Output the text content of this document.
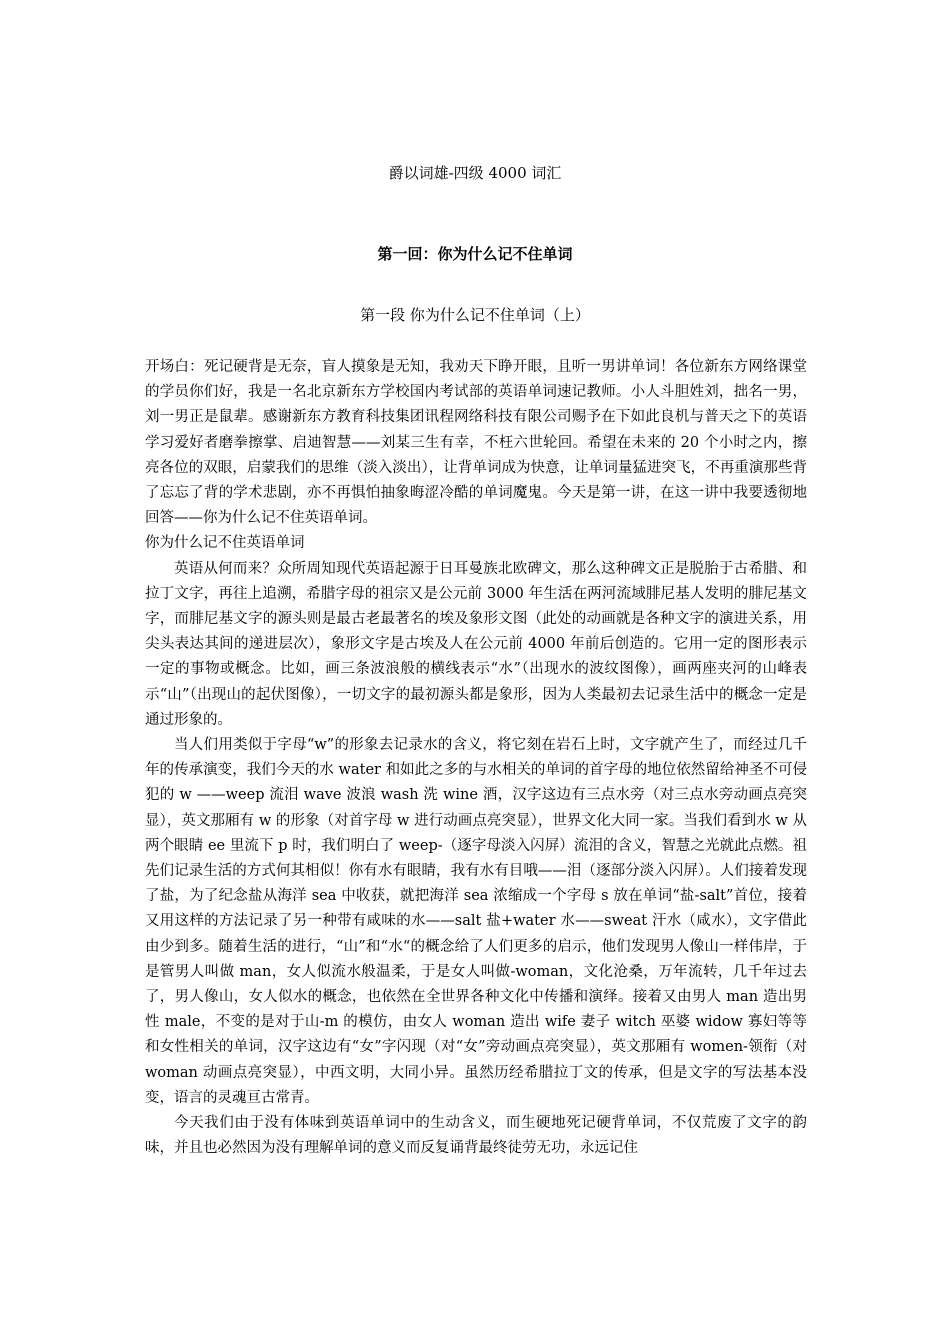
爵以词雄-四级 4000 词汇
第一回：你为什么记不住单词
第一段 你为什么记不住单词（上）

开场白：死记硬背是无奈，盲人摸象是无知，我劝天下睁开眼，且听一男讲单词！各位新东方网络课堂的学员你们好，我是一名北京新东方学校国内考试部的英语单词速记教师。小人斗胆姓刘，拙名一男，刘一男正是鼠辈。感谢新东方教育科技集团讯程网络科技有限公司赐予在下如此良机与普天之下的英语学习爱好者磨拳擦掌、启迪智慧——刘某三生有幸，不枉六世轮回。希望在未来的 20 个小时之内，擦亮各位的双眼，启蒙我们的思维（淡入淡出），让背单词成为快意，让单词量猛进突飞，不再重演那些背了忘忘了背的学术悲剧，亦不再惧怕抽象晦涩冷酷的单词魔鬼。今天是第一讲，在这一讲中我要透彻地回答——你为什么记不住英语单词。

你为什么记不住英语单词

英语从何而来？众所周知现代英语起源于日耳曼族北欧碑文，那么这种碑文正是脱胎于古希腊、和拉丁文字，再往上追溯，希腊字母的祖宗又是公元前 3000 年生活在两河流域腓尼基人发明的腓尼基文字，而腓尼基文字的源头则是最古老最著名的埃及象形文图（此处的动画就是各种文字的演进关系，用尖头表达其间的递进层次），象形文字是古埃及人在公元前 4000 年前后创造的。它用一定的图形表示一定的事物或概念。比如，画三条波浪般的横线表示“水”（出现水的波纹图像），画两座夹河的山峰表示“山”（出现山的起伏图像），一切文字的最初源头都是象形，因为人类最初去记录生活中的概念一定是通过形象的。

当人们用类似于字母“w”的形象去记录水的含义，将它刻在岩石上时，文字就产生了，而经过几千年的传承演变，我们今天的水 water 和如此之多的与水相关的单词的首字母的地位依然留给神圣不可侵犯的 w ——weep 流泪 wave 波浪 wash 洗 wine 酒，汉字这边有三点水旁（对三点水旁动画点亮突显），英文那厢有 w 的形象（对首字母 w 进行动画点亮突显），世界文化大同一家。当我们看到水 w 从两个眼睛 ee 里流下 p 时，我们明白了 weep-（逐字母淡入闪屏）流泪的含义，智慧之光就此点燃。祖先们记录生活的方式何其相似！你有水有眼睛，我有水有目哦——泪（逐部分淡入闪屏）。人们接着发现了盐，为了纪念盐从海洋 sea 中收获，就把海洋 sea 浓缩成一个字母 s 放在单词“盐-salt”首位，接着又用这样的方法记录了另一种带有咸味的水——salt 盐+water 水——sweat 汗水（咸水），文字借此由少到多。随着生活的进行，“山”和“水“的概念给了人们更多的启示，他们发现男人像山一样伟岸，于是管男人叫做 man，女人似流水般温柔，于是女人叫做-woman，文化沧桑，万年流转，几千年过去了，男人像山，女人似水的概念，也依然在全世界各种文化中传播和演绎。接着又由男人 man 造出男性 male，不变的是对于山-m 的模仿，由女人 woman 造出 wife 妻子 witch 巫婆 widow 寡妇等等和女性相关的单词，汉字这边有“女”字闪现（对“女”旁动画点亮突显），英文那厢有 women-领衔（对 woman 动画点亮突显），中西文明，大同小异。虽然历经希腊拉丁文的传承，但是文字的写法基本没变，语言的灵魂亘古常青。

今天我们由于没有体味到英语单词中的生动含义，而生硬地死记硬背单词，不仅荒废了文字的韵味，并且也必然因为没有理解单词的意义而反复诵背最终徒劳无功，永远记住
